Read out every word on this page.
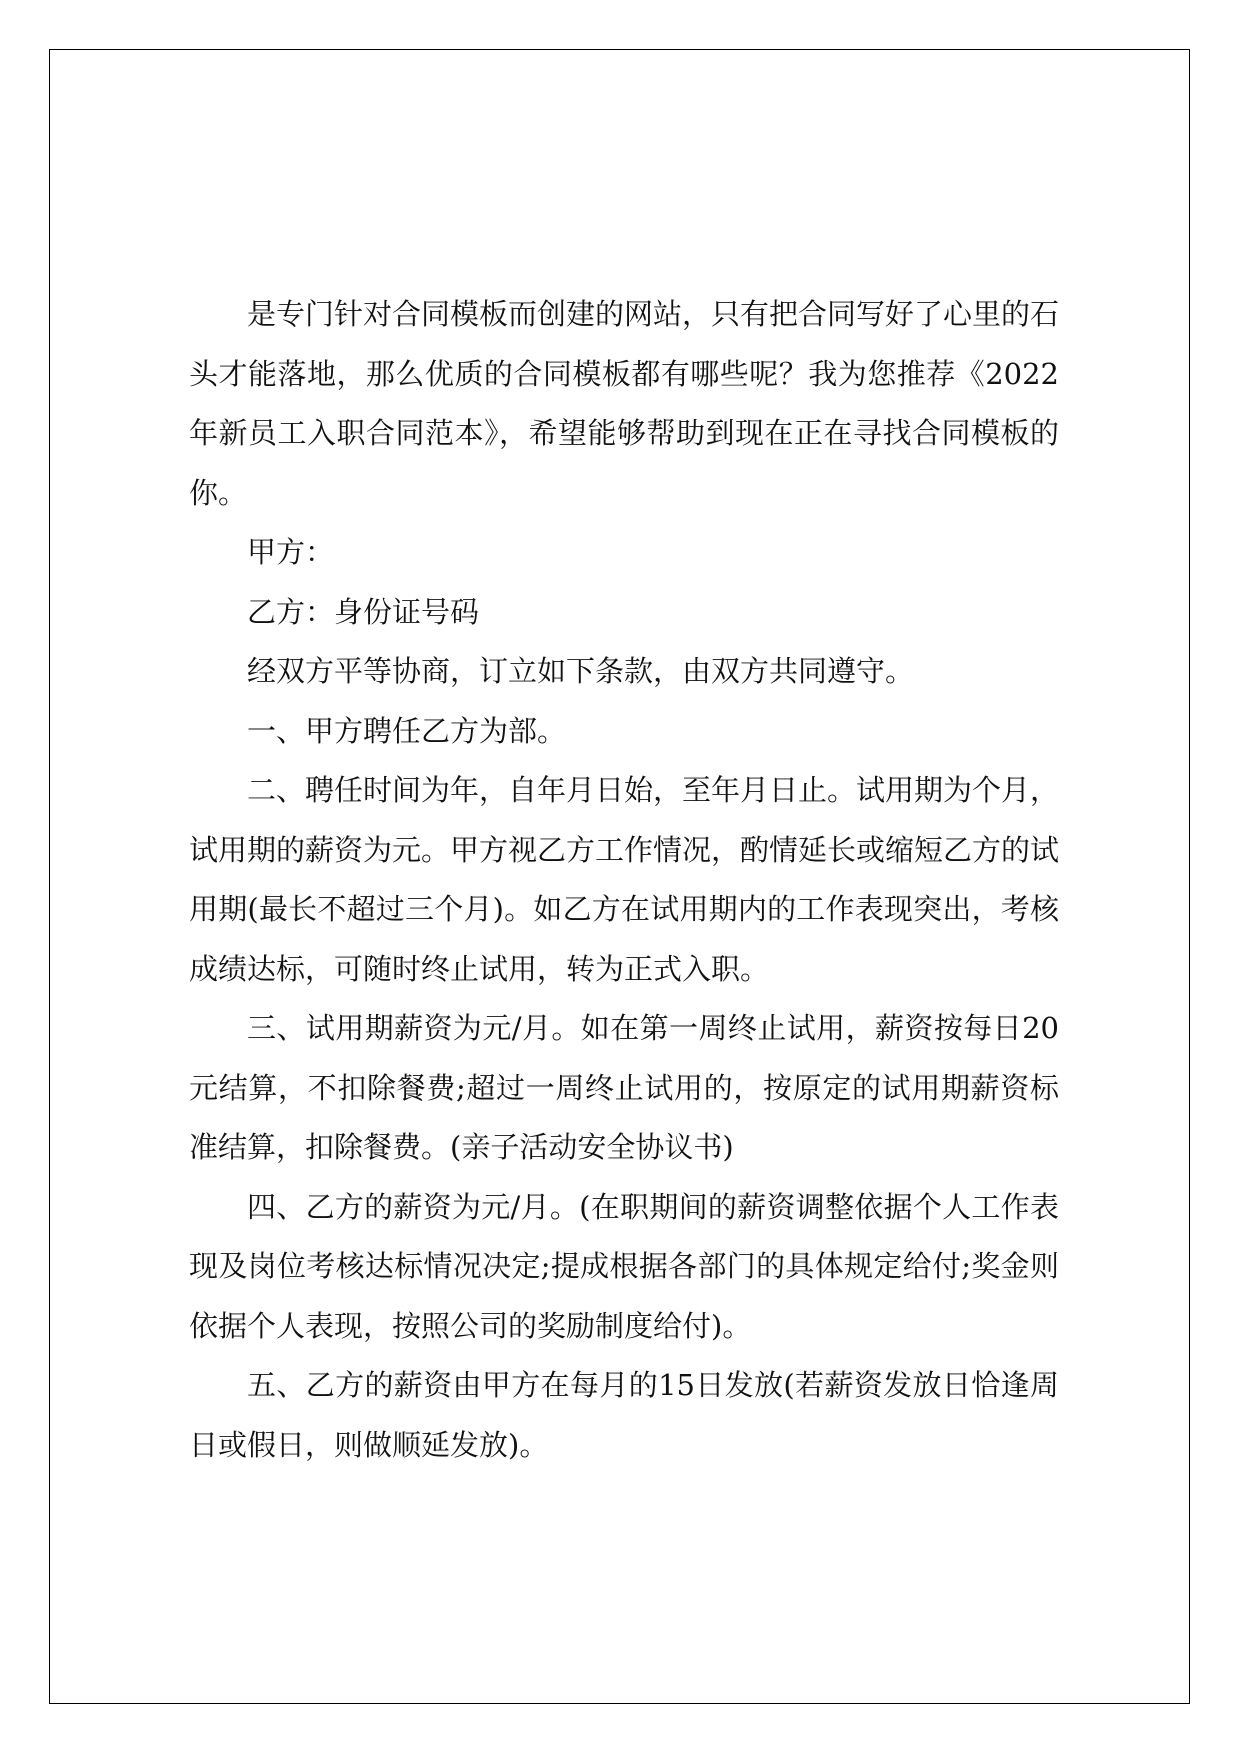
是专门针对合同模板而创建的网站，只有把合同写好了心里的石头才能落地，那么优质的合同模板都有哪些呢？我为您推荐《2022年新员工入职合同范本》，希望能够帮助到现在正在寻找合同模板的你。

甲方：

乙方：身份证号码

经双方平等协商，订立如下条款，由双方共同遵守。

一、甲方聘任乙方为部。

二、聘任时间为年，自年月日始，至年月日止。试用期为个月，试用期的薪资为元。甲方视乙方工作情况，酌情延长或缩短乙方的试用期(最长不超过三个月)。如乙方在试用期内的工作表现突出，考核成绩达标，可随时终止试用，转为正式入职。

三、试用期薪资为元/月。如在第一周终止试用，薪资按每日20元结算，不扣除餐费;超过一周终止试用的，按原定的试用期薪资标准结算，扣除餐费。(亲子活动安全协议书)

四、乙方的薪资为元/月。(在职期间的薪资调整依据个人工作表现及岗位考核达标情况决定;提成根据各部门的具体规定给付;奖金则依据个人表现，按照公司的奖励制度给付)。

五、乙方的薪资由甲方在每月的15日发放(若薪资发放日恰逢周日或假日，则做顺延发放)。
